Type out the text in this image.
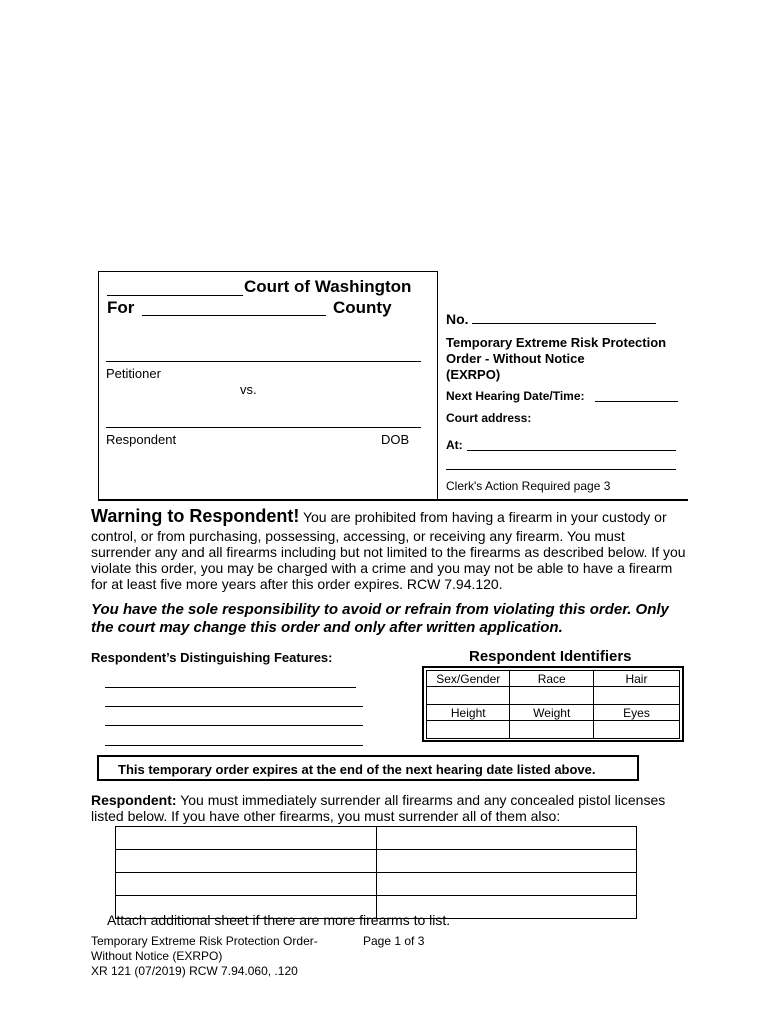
Court of Washington
For	County
Petitioner
vs.
Respondent	DOB
No.
Temporary Extreme Risk Protection
Order - Without Notice
(EXRPO)
Next Hearing Date/Time:
Court address:
At:
Clerk's Action Required page 3
Warning to Respondent! You are prohibited from having a firearm in your custody or
control, or from purchasing, possessing, accessing, or receiving any firearm. You must
surrender any and all firearms including but not limited to the firearms as described below. If you
violate this order, you may be charged with a crime and you may not be able to have a firearm
for at least five more years after this order expires. RCW 7.94.120.
You have the sole responsibility to avoid or refrain from violating this order. Only
the court may change this order and only after written application.
Respondent’s Distinguishing Features:	Respondent Identifiers
Sex/Gender	Race	Hair

Height	Weight	Eyes

This temporary order expires at the end of the next hearing date listed above.
Respondent: You must immediately surrender all firearms and any concealed pistol licenses
listed below. If you have other firearms, you must surrender all of them also:

Attach additional sheet if there are more firearms to list.
Temporary Extreme Risk Protection Order-
Without Notice (EXRPO)
XR 121 (07/2019) RCW 7.94.060, .120
Page 1 of 3
